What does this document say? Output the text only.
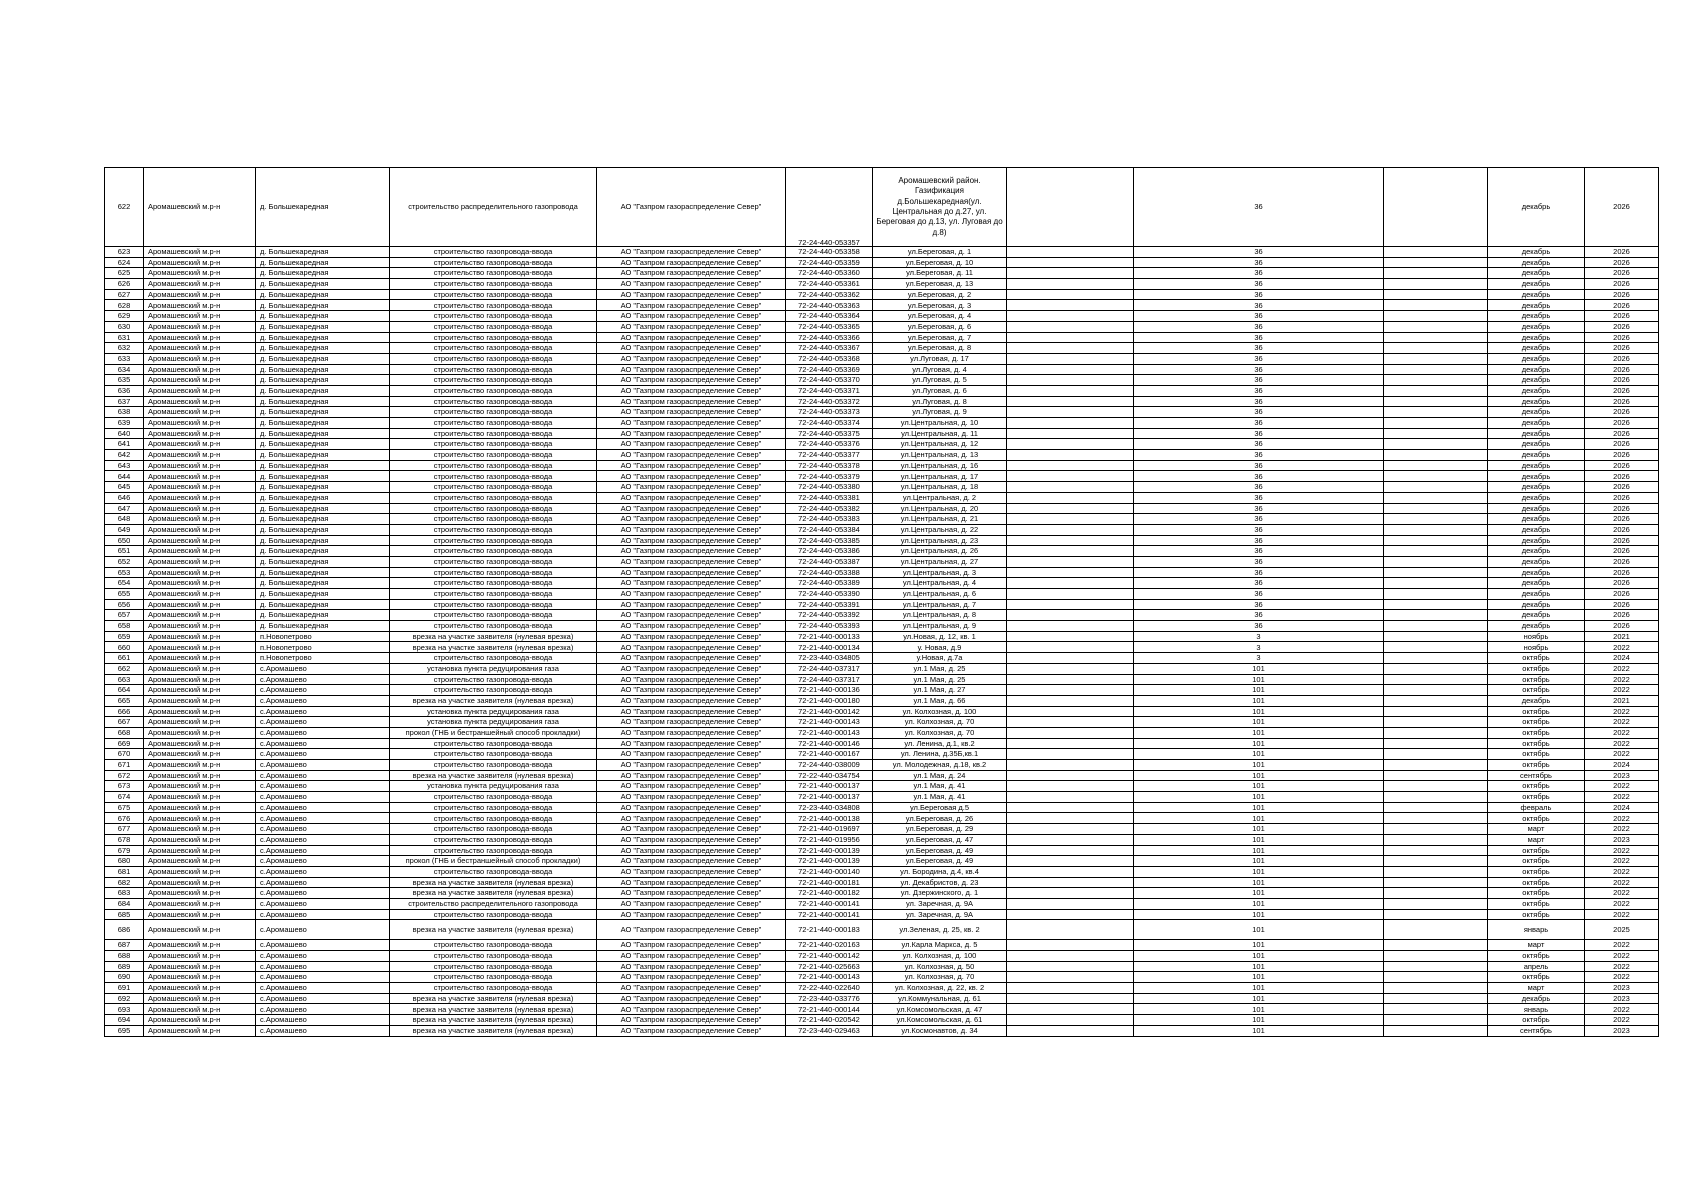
622	Аромашевский м.р-н	д. Большекаредная	строительство распределительного газопровода	АО "Газпром газораспределение Север"	72-24-440-053357	Аромашевский район. Газификация д.Большекаредная(ул. Центральная до д.27, ул. Береговая до д.13, ул. Луговая до д.8)		36		декабрь	2026
623	Аромашевский м.р-н	д. Большекаредная	строительство газопровода-ввода	АО "Газпром газораспределение Север"	72-24-440-053358	ул.Береговая, д. 1		36		декабрь	2026
624	Аромашевский м.р-н	д. Большекаредная	строительство газопровода-ввода	АО "Газпром газораспределение Север"	72-24-440-053359	ул.Береговая, д. 10		36		декабрь	2026
625	Аромашевский м.р-н	д. Большекаредная	строительство газопровода-ввода	АО "Газпром газораспределение Север"	72-24-440-053360	ул.Береговая, д. 11		36		декабрь	2026
626	Аромашевский м.р-н	д. Большекаредная	строительство газопровода-ввода	АО "Газпром газораспределение Север"	72-24-440-053361	ул.Береговая, д. 13		36		декабрь	2026
627	Аромашевский м.р-н	д. Большекаредная	строительство газопровода-ввода	АО "Газпром газораспределение Север"	72-24-440-053362	ул.Береговая, д. 2		36		декабрь	2026
628	Аромашевский м.р-н	д. Большекаредная	строительство газопровода-ввода	АО "Газпром газораспределение Север"	72-24-440-053363	ул.Береговая, д. 3		36		декабрь	2026
629	Аромашевский м.р-н	д. Большекаредная	строительство газопровода-ввода	АО "Газпром газораспределение Север"	72-24-440-053364	ул.Береговая, д. 4		36		декабрь	2026
630	Аромашевский м.р-н	д. Большекаредная	строительство газопровода-ввода	АО "Газпром газораспределение Север"	72-24-440-053365	ул.Береговая, д. 6		36		декабрь	2026
631	Аромашевский м.р-н	д. Большекаредная	строительство газопровода-ввода	АО "Газпром газораспределение Север"	72-24-440-053366	ул.Береговая, д. 7		36		декабрь	2026
632	Аромашевский м.р-н	д. Большекаредная	строительство газопровода-ввода	АО "Газпром газораспределение Север"	72-24-440-053367	ул.Береговая, д. 8		36		декабрь	2026
633	Аромашевский м.р-н	д. Большекаредная	строительство газопровода-ввода	АО "Газпром газораспределение Север"	72-24-440-053368	ул.Луговая, д. 17		36		декабрь	2026
634	Аромашевский м.р-н	д. Большекаредная	строительство газопровода-ввода	АО "Газпром газораспределение Север"	72-24-440-053369	ул.Луговая, д. 4		36		декабрь	2026
635	Аромашевский м.р-н	д. Большекаредная	строительство газопровода-ввода	АО "Газпром газораспределение Север"	72-24-440-053370	ул.Луговая, д. 5		36		декабрь	2026
636	Аромашевский м.р-н	д. Большекаредная	строительство газопровода-ввода	АО "Газпром газораспределение Север"	72-24-440-053371	ул.Луговая, д. 6		36		декабрь	2026
637	Аромашевский м.р-н	д. Большекаредная	строительство газопровода-ввода	АО "Газпром газораспределение Север"	72-24-440-053372	ул.Луговая, д. 8		36		декабрь	2026
638	Аромашевский м.р-н	д. Большекаредная	строительство газопровода-ввода	АО "Газпром газораспределение Север"	72-24-440-053373	ул.Луговая, д. 9		36		декабрь	2026
639	Аромашевский м.р-н	д. Большекаредная	строительство газопровода-ввода	АО "Газпром газораспределение Север"	72-24-440-053374	ул.Центральная, д. 10		36		декабрь	2026
640	Аромашевский м.р-н	д. Большекаредная	строительство газопровода-ввода	АО "Газпром газораспределение Север"	72-24-440-053375	ул.Центральная, д. 11		36		декабрь	2026
641	Аромашевский м.р-н	д. Большекаредная	строительство газопровода-ввода	АО "Газпром газораспределение Север"	72-24-440-053376	ул.Центральная, д. 12		36		декабрь	2026
642	Аромашевский м.р-н	д. Большекаредная	строительство газопровода-ввода	АО "Газпром газораспределение Север"	72-24-440-053377	ул.Центральная, д. 13		36		декабрь	2026
643	Аромашевский м.р-н	д. Большекаредная	строительство газопровода-ввода	АО "Газпром газораспределение Север"	72-24-440-053378	ул.Центральная, д. 16		36		декабрь	2026
644	Аромашевский м.р-н	д. Большекаредная	строительство газопровода-ввода	АО "Газпром газораспределение Север"	72-24-440-053379	ул.Центральная, д. 17		36		декабрь	2026
645	Аромашевский м.р-н	д. Большекаредная	строительство газопровода-ввода	АО "Газпром газораспределение Север"	72-24-440-053380	ул.Центральная, д. 18		36		декабрь	2026
646	Аромашевский м.р-н	д. Большекаредная	строительство газопровода-ввода	АО "Газпром газораспределение Север"	72-24-440-053381	ул.Центральная, д. 2		36		декабрь	2026
647	Аромашевский м.р-н	д. Большекаредная	строительство газопровода-ввода	АО "Газпром газораспределение Север"	72-24-440-053382	ул.Центральная, д. 20		36		декабрь	2026
648	Аромашевский м.р-н	д. Большекаредная	строительство газопровода-ввода	АО "Газпром газораспределение Север"	72-24-440-053383	ул.Центральная, д. 21		36		декабрь	2026
649	Аромашевский м.р-н	д. Большекаредная	строительство газопровода-ввода	АО "Газпром газораспределение Север"	72-24-440-053384	ул.Центральная, д. 22		36		декабрь	2026
650	Аромашевский м.р-н	д. Большекаредная	строительство газопровода-ввода	АО "Газпром газораспределение Север"	72-24-440-053385	ул.Центральная, д. 23		36		декабрь	2026
651	Аромашевский м.р-н	д. Большекаредная	строительство газопровода-ввода	АО "Газпром газораспределение Север"	72-24-440-053386	ул.Центральная, д. 26		36		декабрь	2026
652	Аромашевский м.р-н	д. Большекаредная	строительство газопровода-ввода	АО "Газпром газораспределение Север"	72-24-440-053387	ул.Центральная, д. 27		36		декабрь	2026
653	Аромашевский м.р-н	д. Большекаредная	строительство газопровода-ввода	АО "Газпром газораспределение Север"	72-24-440-053388	ул.Центральная, д. 3		36		декабрь	2026
654	Аромашевский м.р-н	д. Большекаредная	строительство газопровода-ввода	АО "Газпром газораспределение Север"	72-24-440-053389	ул.Центральная, д. 4		36		декабрь	2026
655	Аромашевский м.р-н	д. Большекаредная	строительство газопровода-ввода	АО "Газпром газораспределение Север"	72-24-440-053390	ул.Центральная, д. 6		36		декабрь	2026
656	Аромашевский м.р-н	д. Большекаредная	строительство газопровода-ввода	АО "Газпром газораспределение Север"	72-24-440-053391	ул.Центральная, д. 7		36		декабрь	2026
657	Аромашевский м.р-н	д. Большекаредная	строительство газопровода-ввода	АО "Газпром газораспределение Север"	72-24-440-053392	ул.Центральная, д. 8		36		декабрь	2026
658	Аромашевский м.р-н	д. Большекаредная	строительство газопровода-ввода	АО "Газпром газораспределение Север"	72-24-440-053393	ул.Центральная, д. 9		36		декабрь	2026
659	Аромашевский м.р-н	п.Новопетрово	врезка на участке заявителя (нулевая врезка)	АО "Газпром газораспределение Север"	72-21-440-000133	ул.Новая, д. 12, кв. 1		3		ноябрь	2021
660	Аромашевский м.р-н	п.Новопетрово	врезка на участке заявителя (нулевая врезка)	АО "Газпром газораспределение Север"	72-21-440-000134	у. Новая, д.9		3		ноябрь	2022
661	Аромашевский м.р-н	п.Новопетрово	строительство газопровода-ввода	АО "Газпром газораспределение Север"	72-23-440-034805	у.Новая, д.7а		3		октябрь	2024
662	Аромашевский м.р-н	с.Аромашево	установка пункта редуцирования газа	АО "Газпром газораспределение Север"	72-24-440-037317	ул.1 Мая, д. 25		101		октябрь	2022
663	Аромашевский м.р-н	с.Аромашево	строительство газопровода-ввода	АО "Газпром газораспределение Север"	72-24-440-037317	ул.1 Мая, д. 25		101		октябрь	2022
664	Аромашевский м.р-н	с.Аромашево	строительство газопровода-ввода	АО "Газпром газораспределение Север"	72-21-440-000136	ул.1 Мая, д. 27		101		октябрь	2022
665	Аромашевский м.р-н	с.Аромашево	врезка на участке заявителя (нулевая врезка)	АО "Газпром газораспределение Север"	72-21-440-000180	ул.1 Мая, д. 66		101		декабрь	2021
666	Аромашевский м.р-н	с.Аромашево	установка пункта редуцирования газа	АО "Газпром газораспределение Север"	72-21-440-000142	ул. Колхозная, д. 100		101		октябрь	2022
667	Аромашевский м.р-н	с.Аромашево	установка пункта редуцирования газа	АО "Газпром газораспределение Север"	72-21-440-000143	ул. Колхозная, д. 70		101		октябрь	2022
668	Аромашевский м.р-н	с.Аромашево	прокол (ГНБ и бестраншейный способ прокладки)	АО "Газпром газораспределение Север"	72-21-440-000143	ул. Колхозная, д. 70		101		октябрь	2022
669	Аромашевский м.р-н	с.Аромашево	строительство газопровода-ввода	АО "Газпром газораспределение Север"	72-21-440-000146	ул. Ленина, д.1, кв.2		101		октябрь	2022
670	Аромашевский м.р-н	с.Аромашево	строительство газопровода-ввода	АО "Газпром газораспределение Север"	72-21-440-000167	ул. Ленина, д.35Б,кв.1		101		октябрь	2022
671	Аромашевский м.р-н	с.Аромашево	строительство газопровода-ввода	АО "Газпром газораспределение Север"	72-24-440-038009	ул. Молодежная, д.18, кв.2		101		октябрь	2024
672	Аромашевский м.р-н	с.Аромашево	врезка на участке заявителя (нулевая врезка)	АО "Газпром газораспределение Север"	72-22-440-034754	ул.1 Мая, д. 24		101		сентябрь	2023
673	Аромашевский м.р-н	с.Аромашево	установка пункта редуцирования газа	АО "Газпром газораспределение Север"	72-21-440-000137	ул.1 Мая, д. 41		101		октябрь	2022
674	Аромашевский м.р-н	с.Аромашево	строительство газопровода-ввода	АО "Газпром газораспределение Север"	72-21-440-000137	ул.1 Мая, д. 41		101		октябрь	2022
675	Аромашевский м.р-н	с.Аромашево	строительство газопровода-ввода	АО "Газпром газораспределение Север"	72-23-440-034808	ул.Береговая д.5		101		февраль	2024
676	Аромашевский м.р-н	с.Аромашево	строительство газопровода-ввода	АО "Газпром газораспределение Север"	72-21-440-000138	ул.Береговая, д. 26		101		октябрь	2022
677	Аромашевский м.р-н	с.Аромашево	строительство газопровода-ввода	АО "Газпром газораспределение Север"	72-21-440-019697	ул.Береговая, д. 29		101		март	2022
678	Аромашевский м.р-н	с.Аромашево	строительство газопровода-ввода	АО "Газпром газораспределение Север"	72-21-440-019956	ул.Береговая, д. 47		101		март	2023
679	Аромашевский м.р-н	с.Аромашево	строительство газопровода-ввода	АО "Газпром газораспределение Север"	72-21-440-000139	ул.Береговая, д. 49		101		октябрь	2022
680	Аромашевский м.р-н	с.Аромашево	прокол (ГНБ и бестраншейный способ прокладки)	АО "Газпром газораспределение Север"	72-21-440-000139	ул.Береговая, д. 49		101		октябрь	2022
681	Аромашевский м.р-н	с.Аромашево	строительство газопровода-ввода	АО "Газпром газораспределение Север"	72-21-440-000140	ул. Бородина, д.4, кв.4		101		октябрь	2022
682	Аромашевский м.р-н	с.Аромашево	врезка на участке заявителя (нулевая врезка)	АО "Газпром газораспределение Север"	72-21-440-000181	ул. Декабристов, д. 23		101		октябрь	2022
683	Аромашевский м.р-н	с.Аромашево	врезка на участке заявителя (нулевая врезка)	АО "Газпром газораспределение Север"	72-21-440-000182	ул. Дзержинского, д. 1		101		октябрь	2022
684	Аромашевский м.р-н	с.Аромашево	строительство распределительного газопровода	АО "Газпром газораспределение Север"	72-21-440-000141	ул. Заречная, д. 9А		101		октябрь	2022
685	Аромашевский м.р-н	с.Аромашево	строительство газопровода-ввода	АО "Газпром газораспределение Север"	72-21-440-000141	ул. Заречная, д. 9А		101		октябрь	2022
686	Аромашевский м.р-н	с.Аромашево	врезка на участке заявителя (нулевая врезка)	АО "Газпром газораспределение Север"	72-21-440-000183	ул.Зеленая, д. 25, кв. 2		101		январь	2025
687	Аромашевский м.р-н	с.Аромашево	строительство газопровода-ввода	АО "Газпром газораспределение Север"	72-21-440-020163	ул.Карла Маркса, д. 5		101		март	2022
688	Аромашевский м.р-н	с.Аромашево	строительство газопровода-ввода	АО "Газпром газораспределение Север"	72-21-440-000142	ул. Колхозная, д. 100		101		октябрь	2022
689	Аромашевский м.р-н	с.Аромашево	строительство газопровода-ввода	АО "Газпром газораспределение Север"	72-21-440-025663	ул. Колхозная, д. 50		101		апрель	2022
690	Аромашевский м.р-н	с.Аромашево	строительство газопровода-ввода	АО "Газпром газораспределение Север"	72-21-440-000143	ул. Колхозная, д. 70		101		октябрь	2022
691	Аромашевский м.р-н	с.Аромашево	строительство газопровода-ввода	АО "Газпром газораспределение Север"	72-22-440-022640	ул. Колхозная, д. 22, кв. 2		101		март	2023
692	Аромашевский м.р-н	с.Аромашево	врезка на участке заявителя (нулевая врезка)	АО "Газпром газораспределение Север"	72-23-440-033776	ул.Коммунальная, д. 61		101		декабрь	2023
693	Аромашевский м.р-н	с.Аромашево	врезка на участке заявителя (нулевая врезка)	АО "Газпром газораспределение Север"	72-21-440-000144	ул.Комсомольская, д. 47		101		январь	2022
694	Аромашевский м.р-н	с.Аромашево	врезка на участке заявителя (нулевая врезка)	АО "Газпром газораспределение Север"	72-21-440-020542	ул.Комсомольская, д. 61		101		октябрь	2022
695	Аромашевский м.р-н	с.Аромашево	врезка на участке заявителя (нулевая врезка)	АО "Газпром газораспределение Север"	72-23-440-029463	ул.Космонавтов, д. 34		101		сентябрь	2023
